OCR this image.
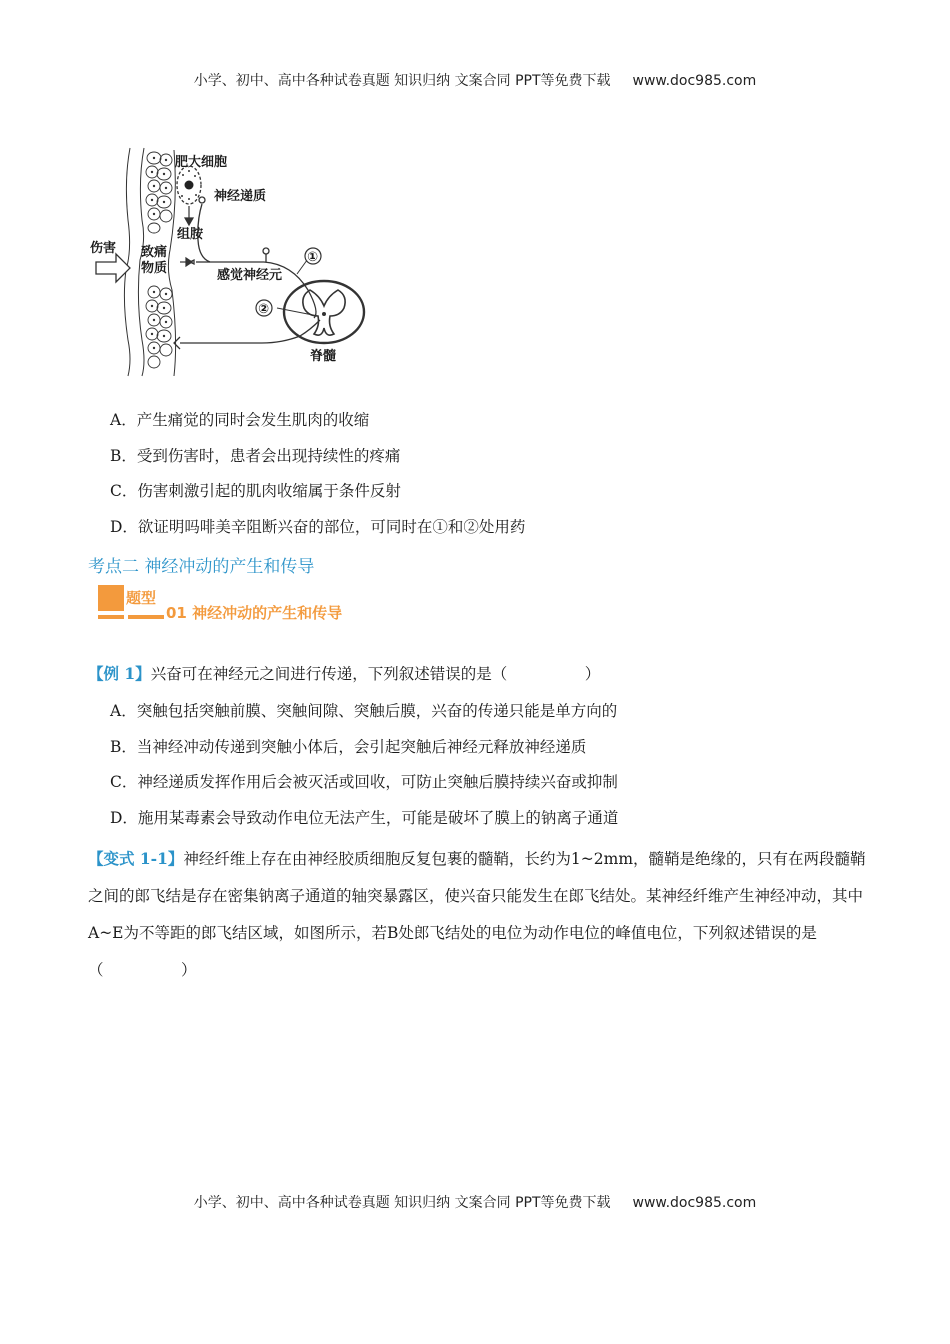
小学、初中、高中各种试卷真题 知识归纳 文案合同 PPT等免费下载 www.doc985.com
肥大细胞
神经递质
组胺
伤害 致痛
物质	感觉神经元
①
②
脊髓
A．产生痛觉的同时会发生肌肉的收缩
B．受到伤害时，患者会出现持续性的疼痛
C．伤害刺激引起的肌肉收缩属于条件反射
D．欲证明吗啡美辛阻断兴奋的部位，可同时在①和②处用药
考点二 神经冲动的产生和传导
题型
01 神经冲动的产生和传导
【例 1】兴奋可在神经元之间进行传递，下列叙述错误的是（　　　　　）
A．突触包括突触前膜、突触间隙、突触后膜，兴奋的传递只能是单方向的
B．当神经冲动传递到突触小体后，会引起突触后神经元释放神经递质
C．神经递质发挥作用后会被灭活或回收，可防止突触后膜持续兴奋或抑制
D．施用某毒素会导致动作电位无法产生，可能是破坏了膜上的钠离子通道
【变式 1-1】神经纤维上存在由神经胶质细胞反复包裹的髓鞘，长约为1~2mm，髓鞘是绝缘的，只有在两段髓鞘之间的郎飞结是存在密集钠离子通道的轴突暴露区，使兴奋只能发生在郎飞结处。某神经纤维产生神经冲动，其中A~E为不等距的郎飞结区域，如图所示，若B处郎飞结处的电位为动作电位的峰值电位，下列叙述错误的是（　　　　　）
小学、初中、高中各种试卷真题 知识归纳 文案合同 PPT等免费下载 www.doc985.com
